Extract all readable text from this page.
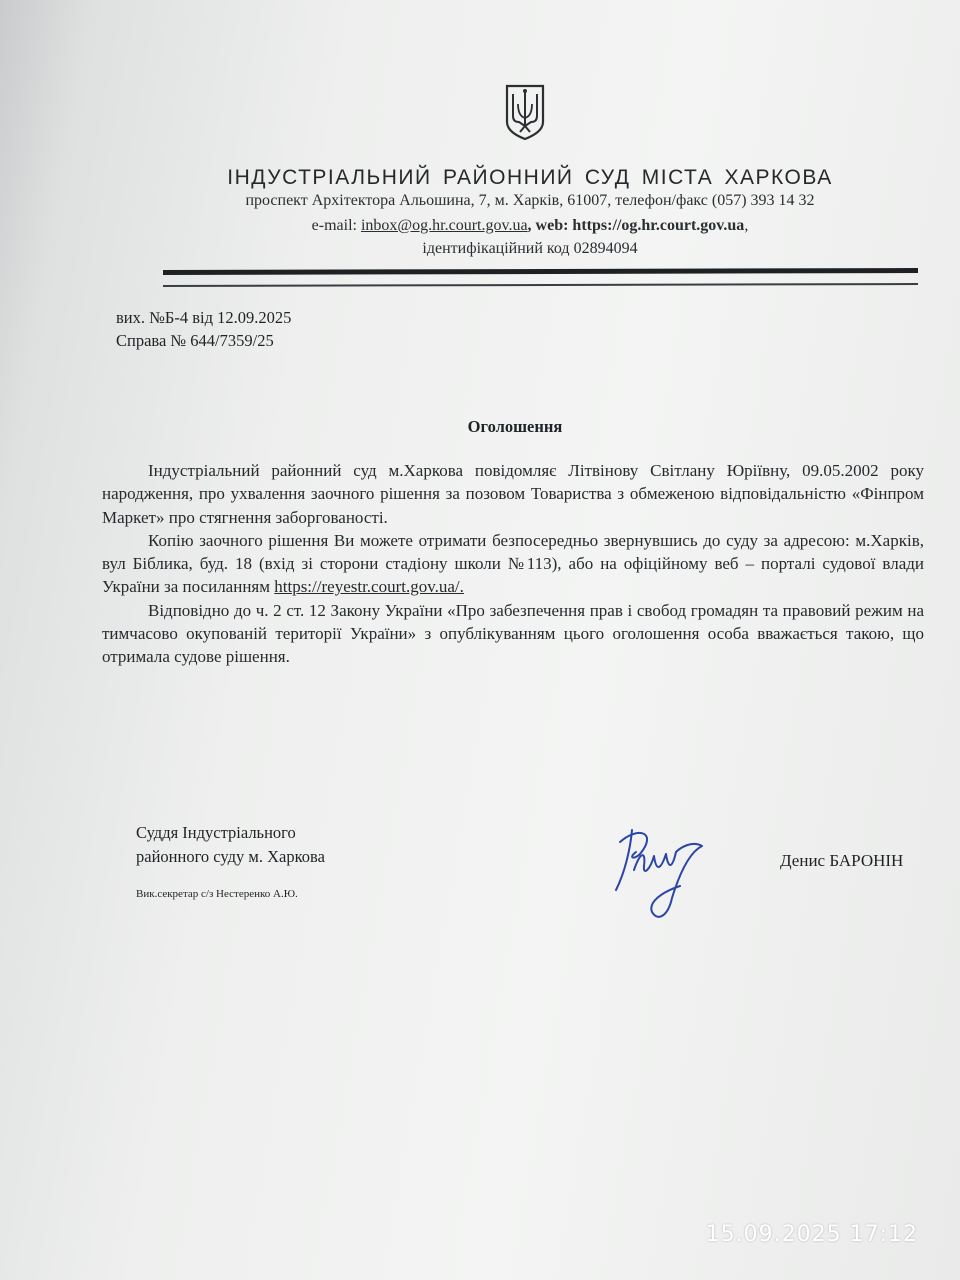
ІНДУСТРІАЛЬНИЙ РАЙОННИЙ СУД МІСТА ХАРКОВА
проспект Архітектора Альошина, 7, м. Харків, 61007, телефон/факс (057) 393 14 32
e-mail: inbox@og.hr.court.gov.ua, web: https://og.hr.court.gov.ua,
ідентифікаційний код 02894094
вих. №Б-4 від 12.09.2025
Справа № 644/7359/25
Оголошення

Індустріальний районний суд м.Харкова повідомляє Літвінову Світлану Юріївну, 09.05.2002 року народження, про ухвалення заочного рішення за позовом Товариства з обмеженою відповідальністю «Фінпром Маркет» про стягнення заборгованості.

Копію заочного рішення Ви можете отримати безпосередньо звернувшись до суду за адресою: м.Харків, вул Біблика, буд. 18 (вхід зі сторони стадіону школи №113), або на офіційному веб – порталі судової влади України за посиланням https://reyestr.court.gov.ua/.

Відповідно до ч. 2 ст. 12 Закону України «Про забезпечення прав і свобод громадян та правовий режим на тимчасово окупованій території України» з опублікуванням цього оголошення особа вважається такою, що отримала судове рішення.

Суддя Індустріального
районного суду м. Харкова
Вик.секретар с/з Нестеренко А.Ю.
Денис БАРОНІН
15.09.2025 17:12
